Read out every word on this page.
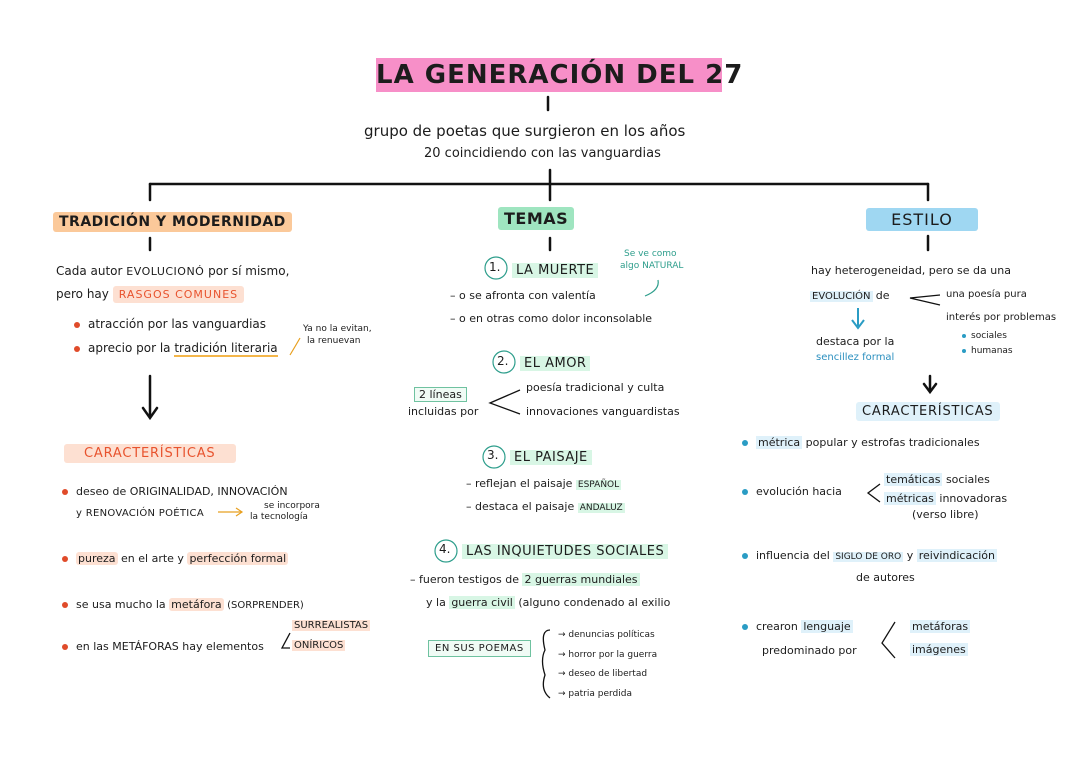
LA GENERACIÓN DEL 27
grupo de poetas que surgieron en los años
20 coincidiendo con las vanguardias
TRADICIÓN Y MODERNIDAD	TEMAS	ESTILO
Cada autor EVOLUCIONÓ por sí mismo,
pero hay RASGOS COMUNES
atracción por las vanguardias
aprecio por la tradición literaria
Ya no la evitan,
la renuevan
CARACTERÍSTICAS
deseo de ORIGINALIDAD, INNOVACIÓN
y RENOVACIÓN POÉTICA
se incorpora
la tecnología
pureza en el arte y perfección formal
se usa mucho la metáfora (SORPRENDER)
en las METÁFORAS hay elementos
SURREALISTAS
ONÍRICOS
1.	LA MUERTE
Se ve como
algo NATURAL
– o se afronta con valentía
– o en otras como dolor inconsolable
2.	EL AMOR
2 líneas
incluidas por
poesía tradicional y culta
innovaciones vanguardistas
3.	EL PAISAJE
– reflejan el paisaje ESPAÑOL
– destaca el paisaje ANDALUZ
4.	LAS INQUIETUDES SOCIALES
– fueron testigos de 2 guerras mundiales
y la guerra civil (alguno condenado al exilio
EN SUS POEMAS
→ denuncias políticas
→ horror por la guerra
→ deseo de libertad
→ patria perdida
hay heterogeneidad, pero se da una
EVOLUCIÓN de	una poesía pura
interés por problemas
sociales
humanas
destaca por la
sencillez formal
CARACTERÍSTICAS
métrica popular y estrofas tradicionales
evolución hacia
temáticas sociales
métricas innovadoras
(verso libre)
influencia del SIGLO DE ORO y reivindicación
de autores
crearon lenguaje
predominado por
metáforas
imágenes
